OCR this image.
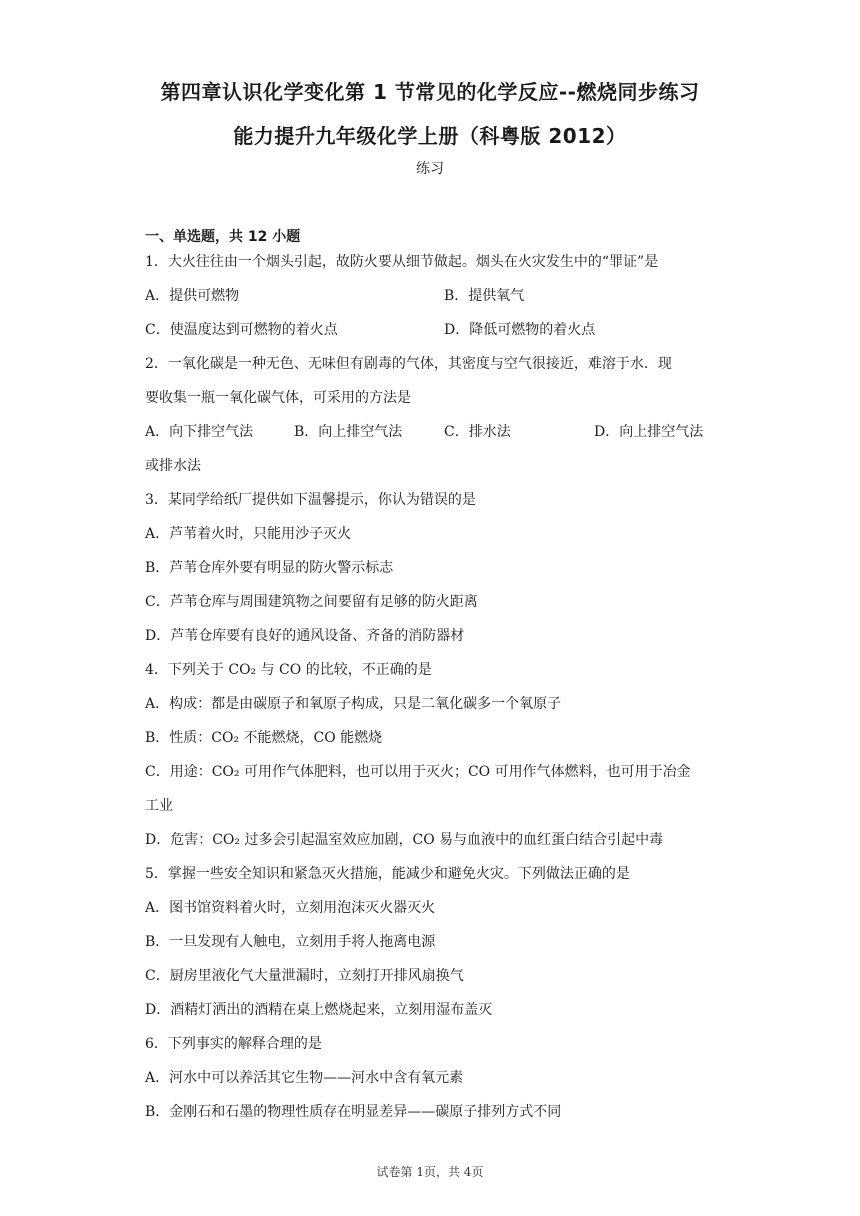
第四章认识化学变化第 1 节常见的化学反应--燃烧同步练习
能力提升九年级化学上册（科粤版 2012）
练习
一、单选题，共 12 小题
1．大火往往由一个烟头引起，故防火要从细节做起。烟头在火灾发生中的“罪证”是
A．提供可燃物	B．提供氧气
C．使温度达到可燃物的着火点	D．降低可燃物的着火点
2．一氧化碳是一种无色、无味但有剧毒的气体，其密度与空气很接近，难溶于水．现
要收集一瓶一氧化碳气体，可采用的方法是
A．向下排空气法	B．向上排空气法	C．排水法	D．向上排空气法
或排水法
3．某同学给纸厂提供如下温馨提示，你认为错误的是
A．芦苇着火时，只能用沙子灭火
B．芦苇仓库外要有明显的防火警示标志
C．芦苇仓库与周围建筑物之间要留有足够的防火距离
D．芦苇仓库要有良好的通风设备、齐备的消防器材
4．下列关于 CO₂ 与 CO 的比较，不正确的是
A．构成：都是由碳原子和氧原子构成，只是二氧化碳多一个氧原子
B．性质：CO₂ 不能燃烧，CO 能燃烧
C．用途：CO₂ 可用作气体肥料，也可以用于灭火；CO 可用作气体燃料，也可用于冶金
工业
D．危害：CO₂ 过多会引起温室效应加剧，CO 易与血液中的血红蛋白结合引起中毒
5．掌握一些安全知识和紧急灭火措施，能减少和避免火灾。下列做法正确的是
A．图书馆资料着火时，立刻用泡沫灭火器灭火
B．一旦发现有人触电，立刻用手将人拖离电源
C．厨房里液化气大量泄漏时，立刻打开排风扇换气
D．酒精灯洒出的酒精在桌上燃烧起来，立刻用湿布盖灭
6．下列事实的解释合理的是
A．河水中可以养活其它生物——河水中含有氧元素
B．金刚石和石墨的物理性质存在明显差异——碳原子排列方式不同
试卷第 1页，共 4页
